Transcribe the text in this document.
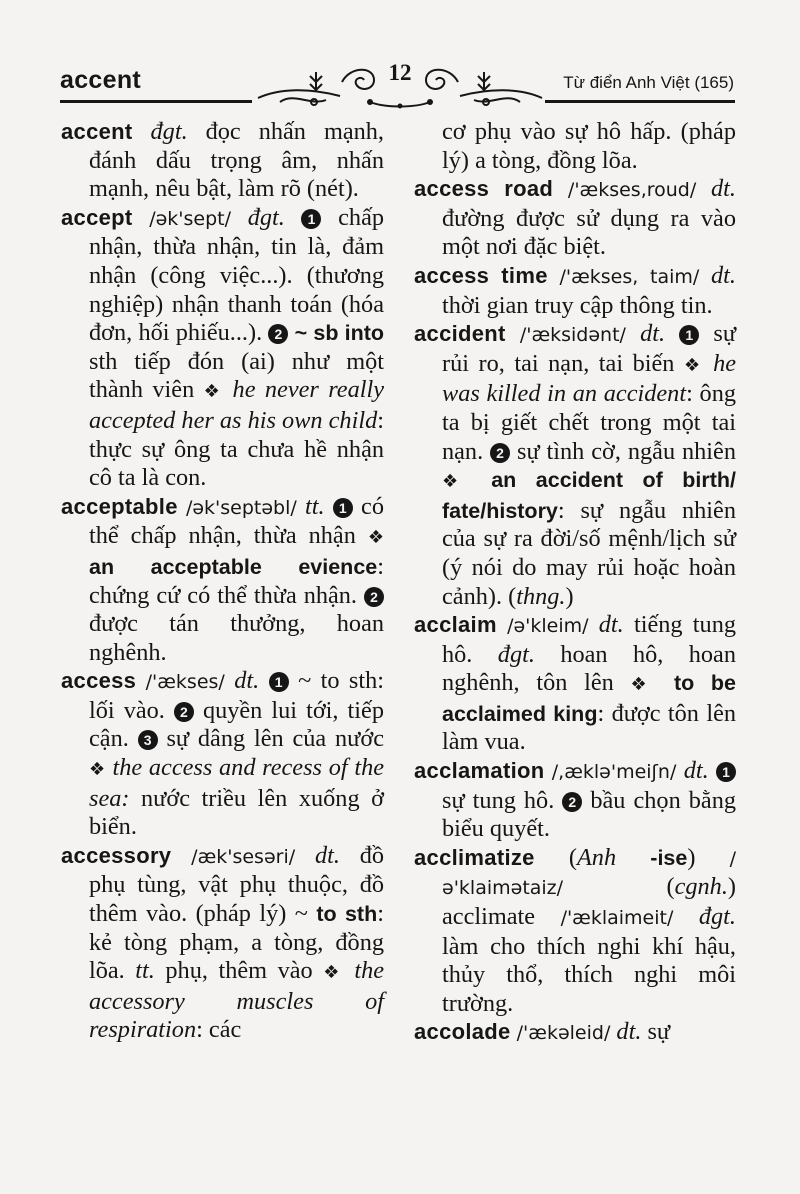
accent	12	Từ điển Anh Việt (165)
accent đgt. đọc nhấn mạnh, đánh dấu trọng âm, nhấn mạnh, nêu bật, làm rõ (nét).
accept /ək'sept/ đgt. 1 chấp nhận, thừa nhận, tin là, đảm nhận (công việc...). (thương nghiệp) nhận thanh toán (hóa đơn, hối phiếu...). 2 ~ sb into sth tiếp đón (ai) như một thành viên ❖ he never really accepted her as his own child: thực sự ông ta chưa hề nhận cô ta là con.
acceptable /ək'septəbl/ tt. 1 có thể chấp nhận, thừa nhận ❖ an acceptable evience: chứng cứ có thể thừa nhận. 2 được tán thưởng, hoan nghênh.
access /'ækses/ dt. 1 ~ to sth: lối vào. 2 quyền lui tới, tiếp cận. 3 sự dâng lên của nước ❖ the access and recess of the sea: nước triều lên xuống ở biển.
accessory /æk'sesəri/ dt. đồ phụ tùng, vật phụ thuộc, đồ thêm vào. (pháp lý) ~ to sth: kẻ tòng phạm, a tòng, đồng lõa. tt. phụ, thêm vào ❖ the accessory muscles of respiration: các
cơ phụ vào sự hô hấp. (pháp lý) a tòng, đồng lõa.
access road /'ækses,roud/ dt. đường được sử dụng ra vào một nơi đặc biệt.
access time /'ækses, taim/ dt. thời gian truy cập thông tin.
accident /'æksidənt/ dt. 1 sự rủi ro, tai nạn, tai biến ❖ he was killed in an accident: ông ta bị giết chết trong một tai nạn. 2 sự tình cờ, ngẫu nhiên ❖ an accident of birth/ fate/history: sự ngẫu nhiên của sự ra đời/số mệnh/lịch sử (ý nói do may rủi hoặc hoàn cảnh). (thng.)
acclaim /ə'kleim/ dt. tiếng tung hô. đgt. hoan hô, hoan nghênh, tôn lên ❖ to be acclaimed king: được tôn lên làm vua.
acclamation /,æklə'meiʃn/ dt. 1 sự tung hô. 2 bầu chọn bằng biểu quyết.
acclimatize (Anh -ise) /ə'klaimətaiz/ (cgnh.) acclimate /'æklaimeit/ đgt. làm cho thích nghi khí hậu, thủy thổ, thích nghi môi trường.
accolade /'ækəleid/ dt. sự
